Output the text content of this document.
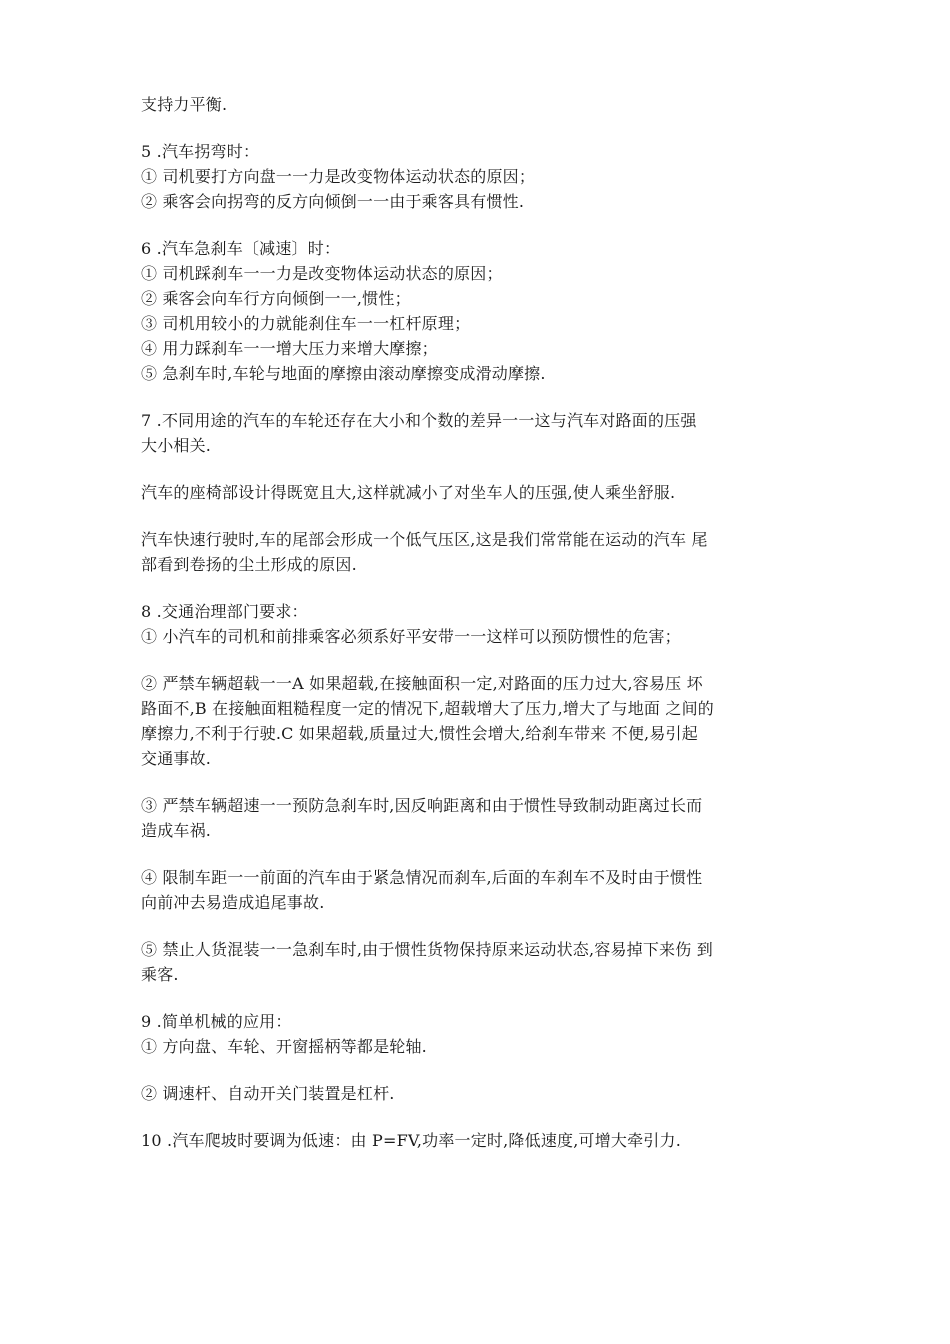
支持力平衡.
5 .汽车拐弯时：
① 司机要打方向盘一一力是改变物体运动状态的原因；
② 乘客会向拐弯的反方向倾倒一一由于乘客具有惯性.
6 .汽车急刹车〔减速〕时：
① 司机踩刹车一一力是改变物体运动状态的原因；
② 乘客会向车行方向倾倒一一,惯性；
③ 司机用较小的力就能刹住车一一杠杆原理；
④ 用力踩刹车一一增大压力来增大摩擦；
⑤ 急刹车时,车轮与地面的摩擦由滚动摩擦变成滑动摩擦.
7 .不同用途的汽车的车轮还存在大小和个数的差异一一这与汽车对路面的压强
大小相关.
汽车的座椅部设计得既宽且大,这样就减小了对坐车人的压强,使人乘坐舒服.
汽车快速行驶时,车的尾部会形成一个低气压区,这是我们常常能在运动的汽车 尾
部看到卷扬的尘土形成的原因.
8 .交通治理部门要求：
① 小汽车的司机和前排乘客必须系好平安带一一这样可以预防惯性的危害；
② 严禁车辆超载一一A 如果超载,在接触面积一定,对路面的压力过大,容易压 坏
路面不,B 在接触面粗糙程度一定的情况下,超载增大了压力,增大了与地面 之间的
摩擦力,不利于行驶.C 如果超载,质量过大,惯性会增大,给刹车带来 不便,易引起
交通事故.
③ 严禁车辆超速一一预防急刹车时,因反响距离和由于惯性导致制动距离过长而
造成车祸.
④ 限制车距一一前面的汽车由于紧急情况而刹车,后面的车刹车不及时由于惯性
向前冲去易造成追尾事故.
⑤ 禁止人货混装一一急刹车时,由于惯性货物保持原来运动状态,容易掉下来伤 到
乘客.
9 .简单机械的应用：
① 方向盘、车轮、开窗摇柄等都是轮轴.
② 调速杆、自动开关门装置是杠杆.
10 .汽车爬坡时要调为低速：由 P=FV,功率一定时,降低速度,可增大牵引力.
